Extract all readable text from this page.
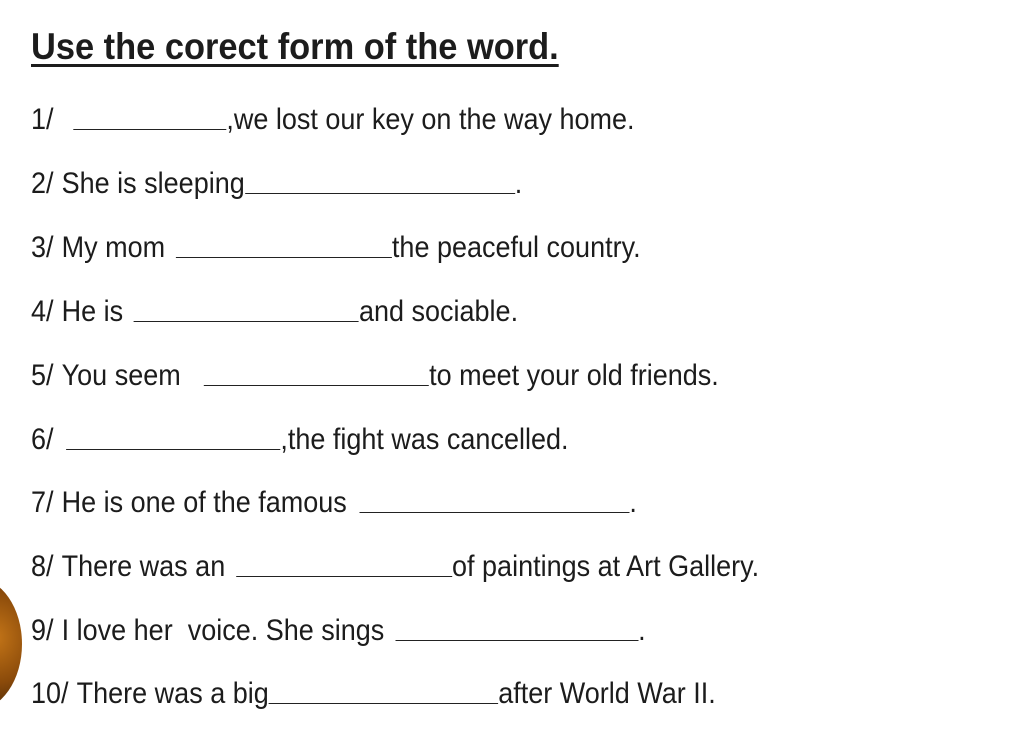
Use the corect form of the word.
1/	,we lost our key on the way home.
2/ She is sleeping	.
3/ My mom	the peaceful country.
4/ He is	and sociable.
5/ You seem	to meet your old friends.
6/	,the fight was cancelled.
7/ He is one of the famous	.
8/ There was an	of paintings at Art Gallery.
9/ I love her  voice. She sings	.
10/ There was a big	after World War II.
